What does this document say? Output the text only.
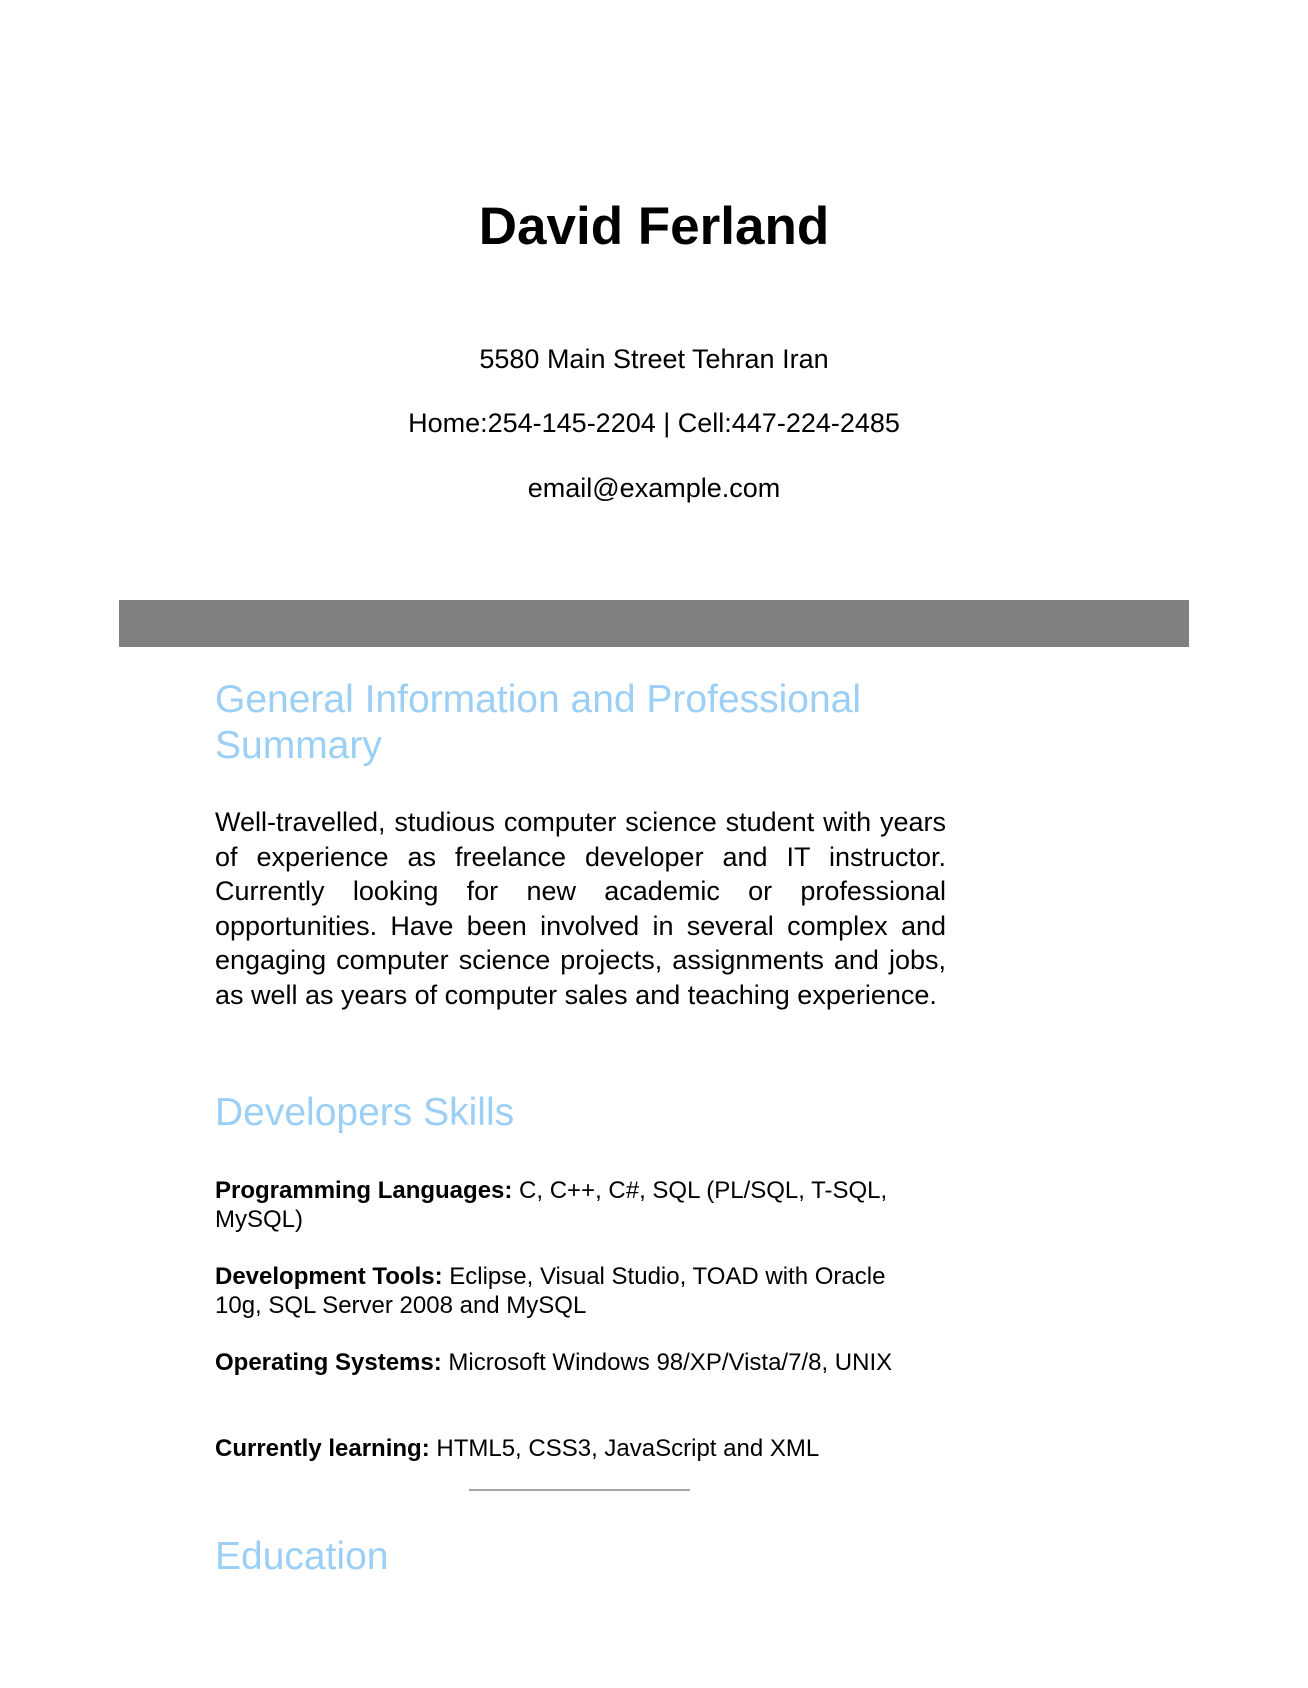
David Ferland
5580 Main Street Tehran Iran
Home:254-145-2204 | Cell:447-224-2485
email@example.com
General Information and Professional Summary
Well-travelled, studious computer science student with years of experience as freelance developer and IT instructor. Currently looking for new academic or professional opportunities. Have been involved in several complex and engaging computer science projects, assignments and jobs, as well as years of computer sales and teaching experience.
Developers Skills
Programming Languages: C, C++, C#, SQL (PL/SQL, T-SQL, MySQL)
Development Tools: Eclipse, Visual Studio, TOAD with Oracle 10g, SQL Server 2008 and MySQL
Operating Systems: Microsoft Windows 98/XP/Vista/7/8, UNIX
Currently learning: HTML5, CSS3, JavaScript and XML
Education
